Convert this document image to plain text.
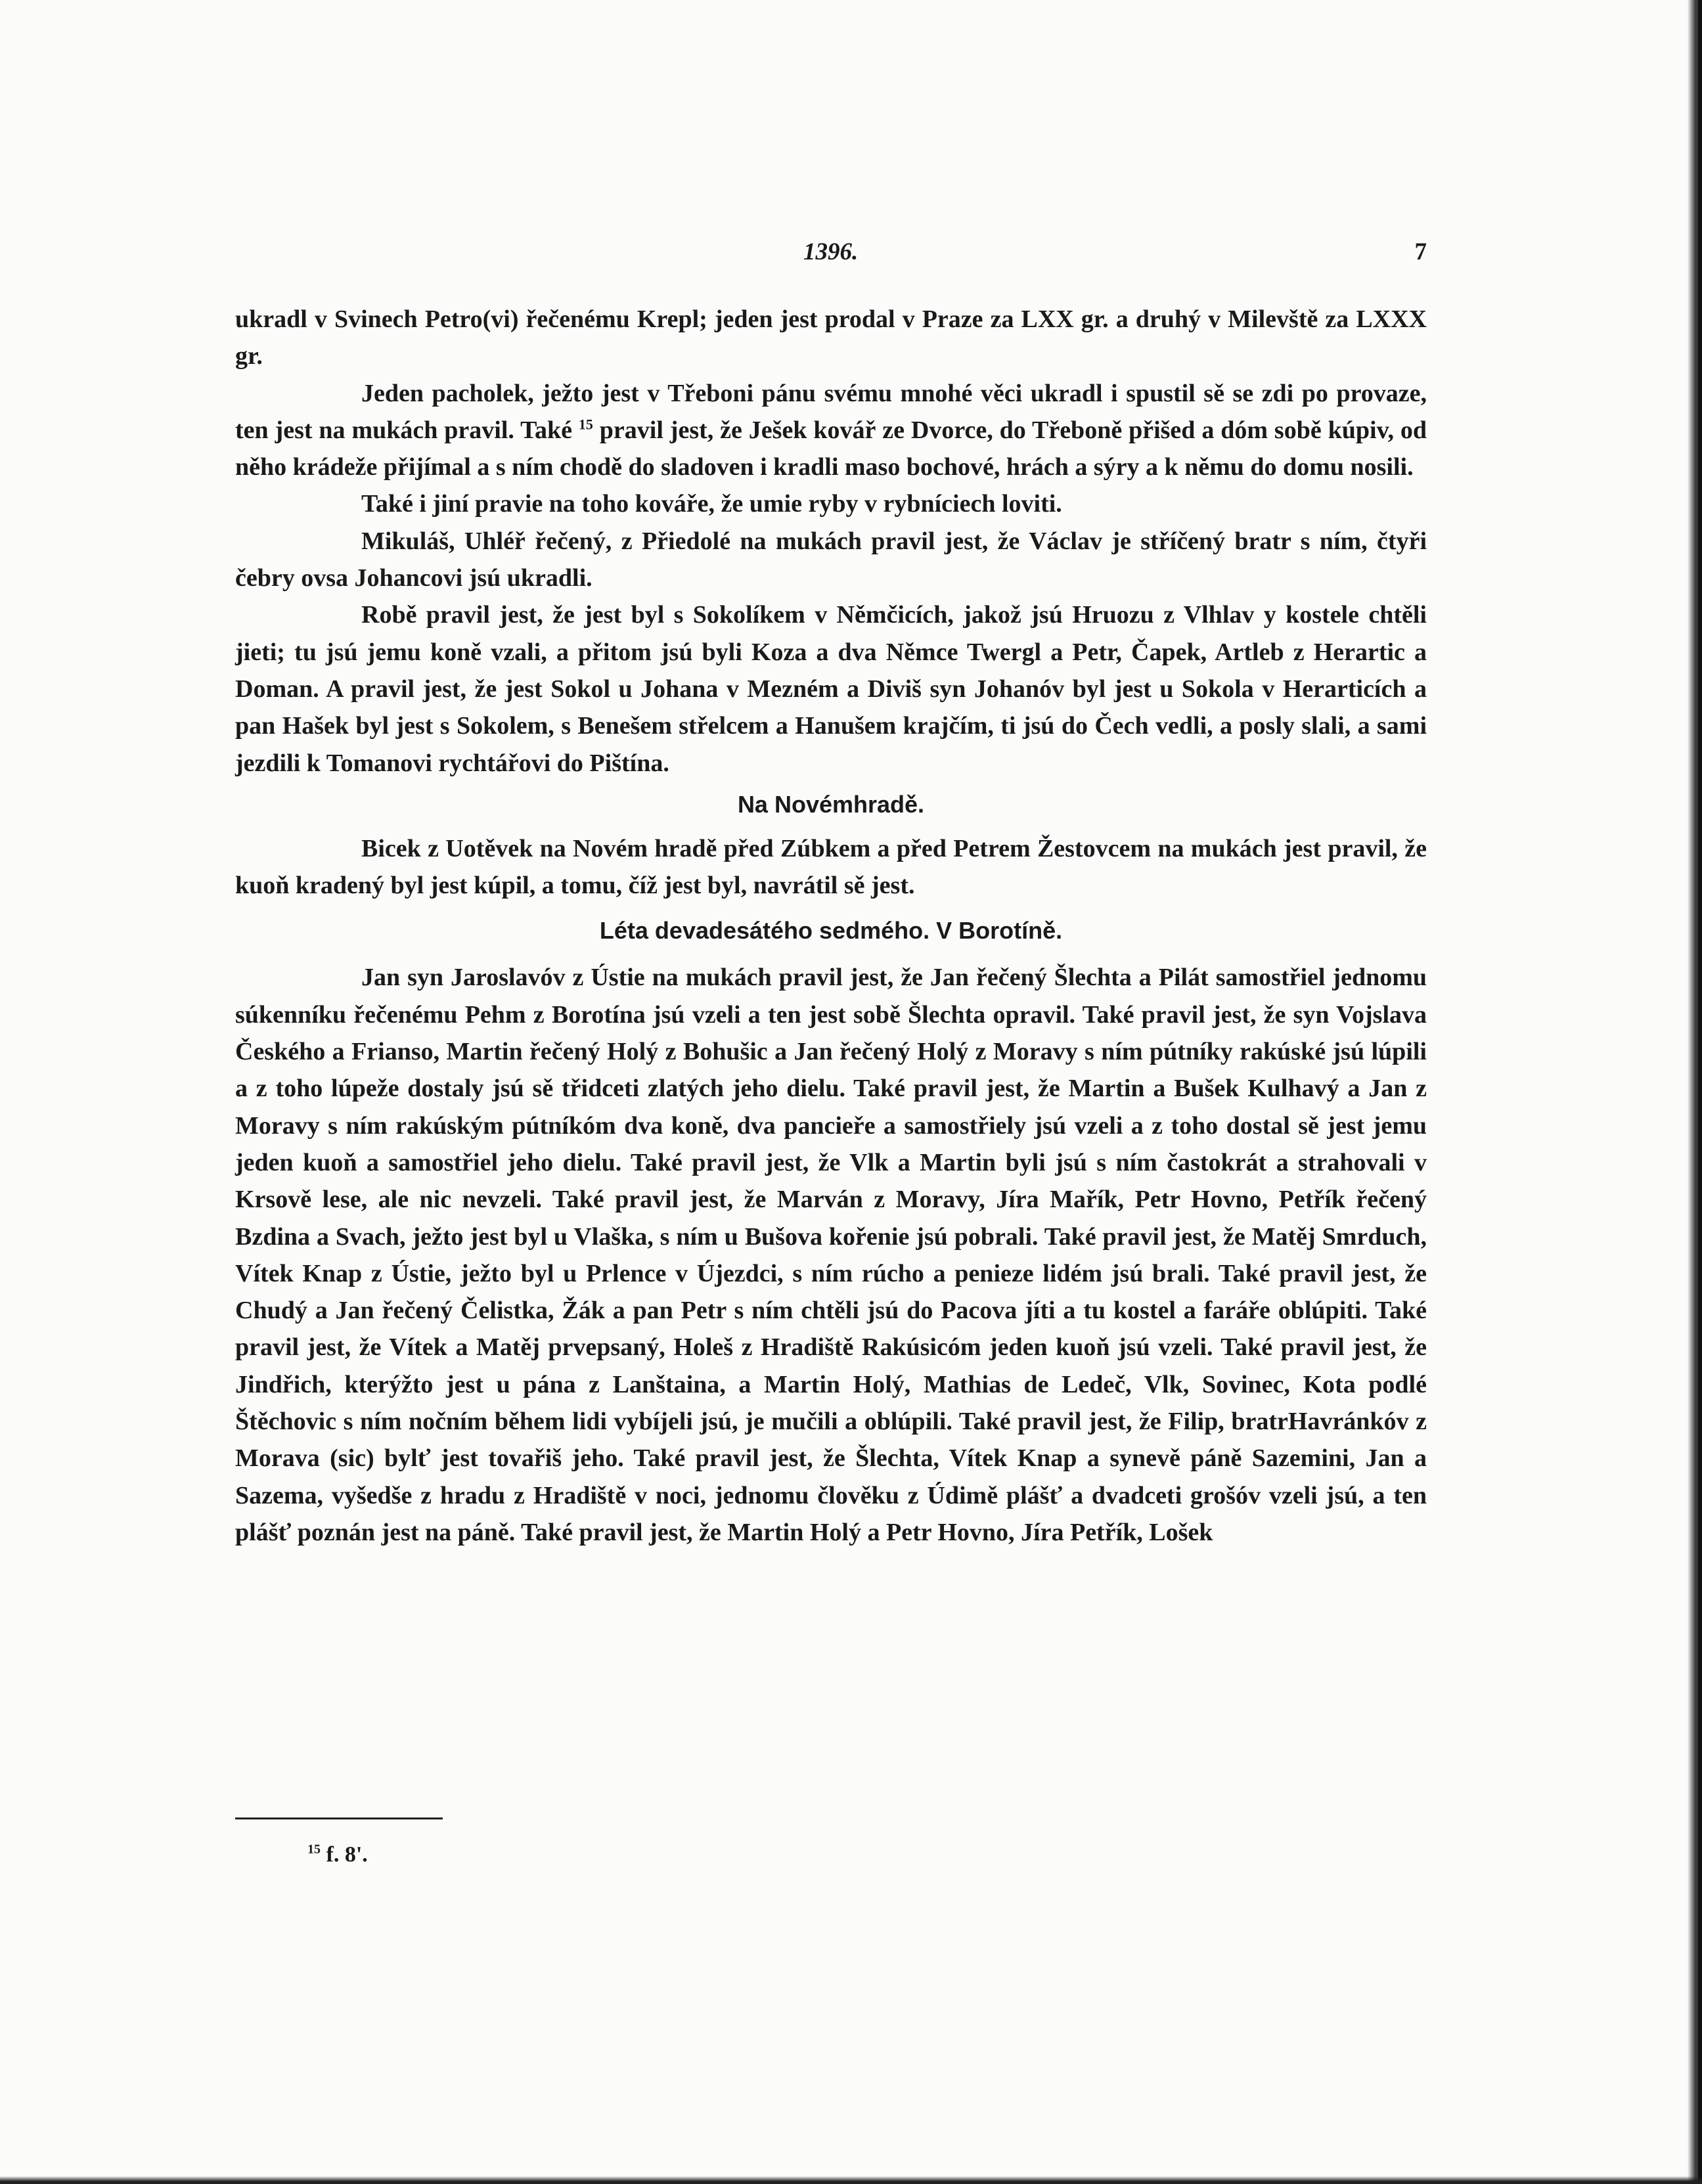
1396.	7

ukradl v Svinech Petro(vi) řečenému Krepl; jeden jest prodal v Praze za LXX gr. a druhý v Milevště za LXXX gr.

Jeden pacholek, ježto jest v Třeboni pánu svému mnohé věci ukradl i spustil sě se zdi po provaze, ten jest na mukách pravil. Také $^{15}$ pravil jest, že Ješek kovář ze Dvorce, do Třeboně přišed a dóm sobě kúpiv, od něho krádeže přijímal a s ním chodě do sladoven i kradli maso bochové, hrách a sýry a k němu do domu nosili.

Také i jiní pravie na toho kováře, že umie ryby v rybníciech loviti.

Mikuláš, Uhléř řečený, z Přiedolé na mukách pravil jest, že Václav je stříčený bratr s ním, čtyři čebry ovsa Johancovi jsú ukradli.

Robě pravil jest, že jest byl s Sokolíkem v Němčicích, jakož jsú Hruozu z Vlhlav y kostele chtěli jieti; tu jsú jemu koně vzali, a přitom jsú byli Koza a dva Němce Twergl a Petr, Čapek, Artleb z Herartic a Doman. A pravil jest, že jest Sokol u Johana v Mezném a Diviš syn Johanóv byl jest u Sokola v Herarticích a pan Hašek byl jest s Sokolem, s Benešem střelcem a Hanušem krajčím, ti jsú do Čech vedli, a posly slali, a sami jezdili k Tomanovi rychtářovi do Pištína.

Na Novémhradě.

Bicek z Uotěvek na Novém hradě před Zúbkem a před Petrem Žestovcem na mukách jest pravil, že kuoň kradený byl jest kúpil, a tomu, číž jest byl, navrátil sě jest.

Léta devadesátého sedmého. V Borotíně.

Jan syn Jaroslavóv z Ústie na mukách pravil jest, že Jan řečený Šlechta a Pilát samostřiel jednomu súkenníku řečenému Pehm z Borotína jsú vzeli a ten jest sobě Šlechta opravil. Také pravil jest, že syn Vojslava Českého a Frianso, Martin řečený Holý z Bohušic a Jan řečený Holý z Moravy s ním pútníky rakúské jsú lúpili a z toho lúpeže dostaly jsú sě třidceti zlatých jeho dielu. Také pravil jest, že Martin a Bušek Kulhavý a Jan z Moravy s ním rakúským pútníkóm dva koně, dva pancieře a samostřiely jsú vzeli a z toho dostal sě jest jemu jeden kuoň a samostřiel jeho dielu. Také pravil jest, že Vlk a Martin byli jsú s ním častokrát a strahovali v Krsově lese, ale nic nevzeli. Také pravil jest, že Marván z Moravy, Jíra Mařík, Petr Hovno, Petřík řečený Bzdina a Svach, ježto jest byl u Vlaška, s ním u Bušova kořenie jsú pobrali. Také pravil jest, že Matěj Smrduch, Vítek Knap z Ústie, ježto byl u Prlence v Újezdci, s ním rúcho a penieze lidém jsú brali. Také pravil jest, že Chudý a Jan řečený Čelistka, Žák a pan Petr s ním chtěli jsú do Pacova jíti a tu kostel a faráře oblúpiti. Také pravil jest, že Vítek a Matěj prvepsaný, Holeš z Hradiště Rakúsicóm jeden kuoň jsú vzeli. Také pravil jest, že Jindřich, kterýžto jest u pána z Lanštaina, a Martin Holý, Mathias de Ledeč, Vlk, Sovinec, Kota podlé Štěchovic s ním nočním během lidi vybíjeli jsú, je mučili a oblúpili. Také pravil jest, že Filip, bratrHavránkóv z Morava (sic) bylť jest tovařiš jeho. Také pravil jest, že Šlechta, Vítek Knap a synevě páně Sazemini, Jan a Sazema, vyšedše z hradu z Hradiště v noci, jednomu člověku z Údimě plášť a dvadceti grošóv vzeli jsú, a ten plášť poznán jest na páně. Také pravil jest, že Martin Holý a Petr Hovno, Jíra Petřík, Lošek

$^{15}$ f. 8'.
